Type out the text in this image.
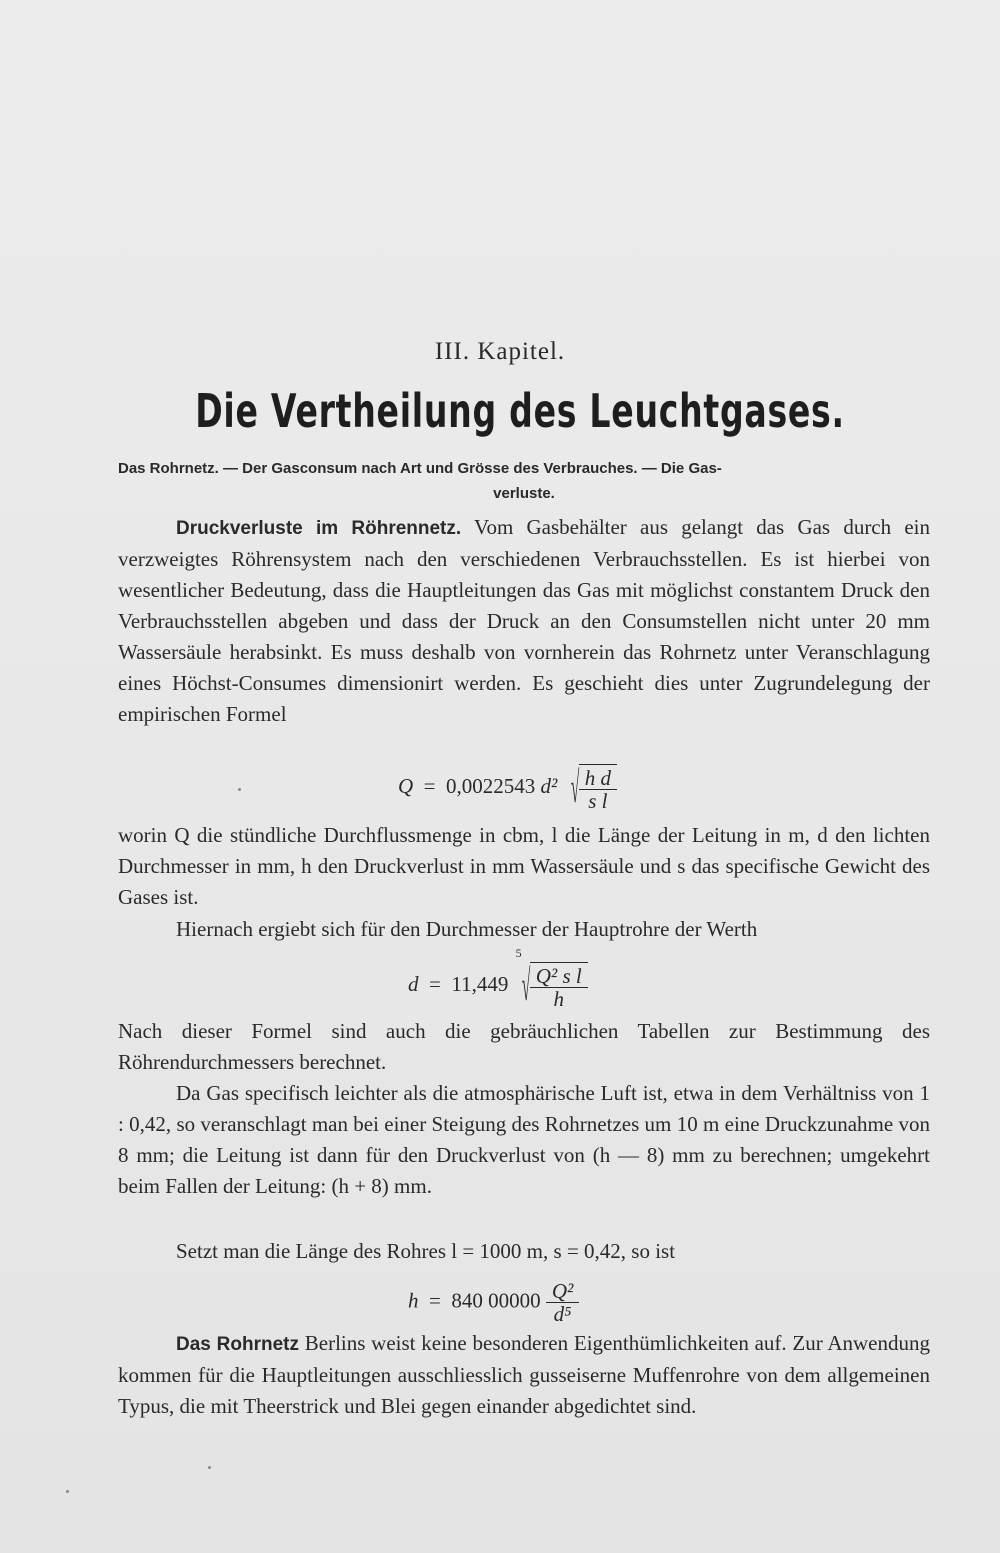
III. Kapitel.
Die Vertheilung des Leuchtgases.
Das Rohrnetz. — Der Gasconsum nach Art und Grösse des Verbrauches. — Die Gas-
verluste.
Druckverluste im Röhrennetz. Vom Gasbehälter aus gelangt das Gas durch ein verzweigtes Röhrensystem nach den verschiedenen Verbrauchsstellen. Es ist hierbei von wesentlicher Bedeutung, dass die Hauptleitungen das Gas mit möglichst constantem Druck den Verbrauchsstellen abgeben und dass der Druck an den Consumstellen nicht unter 20 mm Wassersäule herabsinkt. Es muss deshalb von vornherein das Rohrnetz unter Veranschlagung eines Höchst-Consumes dimensionirt werden. Es geschieht dies unter Zugrundelegung der empirischen Formel
Q = 0,0022543 d² √ $\frac{\text{h d}}{\text{s l}}$
worin Q die stündliche Durchflussmenge in cbm, l die Länge der Leitung in m, d den lichten Durchmesser in mm, h den Druckverlust in mm Wassersäule und s das specifische Gewicht des Gases ist.
Hiernach ergiebt sich für den Durchmesser der Hauptrohre der Werth
d = 11,449
5
√ $\frac{\text{Q² s l}}{h}$
Nach dieser Formel sind auch die gebräuchlichen Tabellen zur Bestimmung des Röhrendurchmessers berechnet.
Da Gas specifisch leichter als die atmosphärische Luft ist, etwa in dem Verhältniss von 1 : 0,42, so veranschlagt man bei einer Steigung des Rohrnetzes um 10 m eine Druckzunahme von 8 mm; die Leitung ist dann für den Druckverlust von (h — 8) mm zu berechnen; umgekehrt beim Fallen der Leitung: (h + 8) mm.
Setzt man die Länge des Rohres l = 1000 m, s = 0,42, so ist
h = 840 $00000 \frac{\text{Q²}}{\text{d⁵}}$
Das Rohrnetz Berlins weist keine besonderen Eigenthümlichkeiten auf. Zur Anwendung kommen für die Hauptleitungen ausschliesslich gusseiserne Muffenrohre von dem allgemeinen Typus, die mit Theerstrick und Blei gegen einander abgedichtet sind.
